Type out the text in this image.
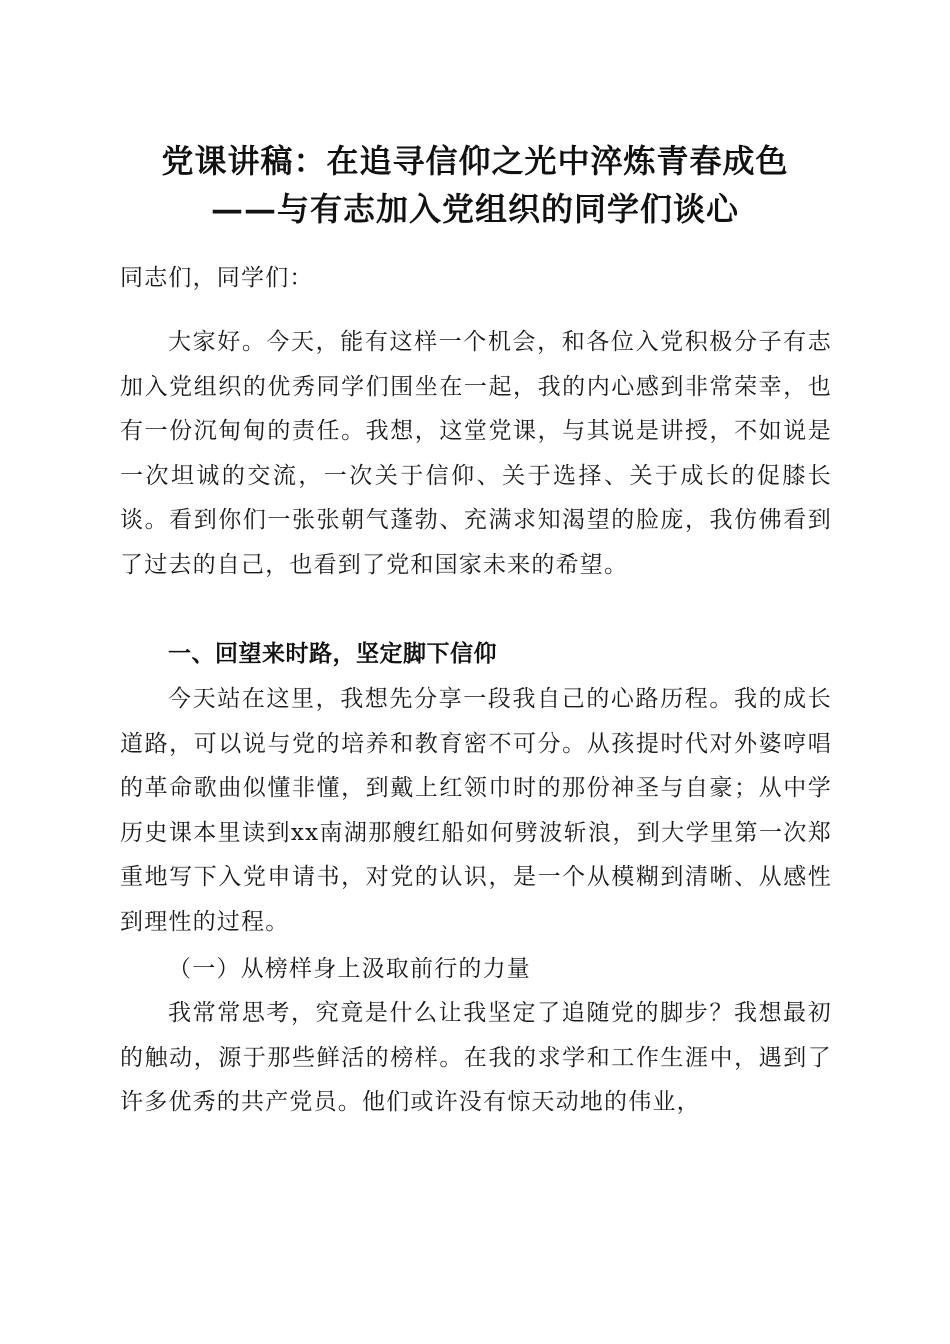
党课讲稿：在追寻信仰之光中淬炼青春成色
——与有志加入党组织的同学们谈心
同志们，同学们：
大家好。今天，能有这样一个机会，和各位入党积极分子有志加入党组织的优秀同学们围坐在一起，我的内心感到非常荣幸，也有一份沉甸甸的责任。我想，这堂党课，与其说是讲授，不如说是一次坦诚的交流，一次关于信仰、关于选择、关于成长的促膝长谈。看到你们一张张朝气蓬勃、充满求知渴望的脸庞，我仿佛看到了过去的自己，也看到了党和国家未来的希望。
一、回望来时路，坚定脚下信仰
今天站在这里，我想先分享一段我自己的心路历程。我的成长道路，可以说与党的培养和教育密不可分。从孩提时代对外婆哼唱的革命歌曲似懂非懂，到戴上红领巾时的那份神圣与自豪；从中学历史课本里读到xx南湖那艘红船如何劈波斩浪，到大学里第一次郑重地写下入党申请书，对党的认识，是一个从模糊到清晰、从感性到理性的过程。
（一）从榜样身上汲取前行的力量
我常常思考，究竟是什么让我坚定了追随党的脚步？我想最初的触动，源于那些鲜活的榜样。在我的求学和工作生涯中，遇到了许多优秀的共产党员。他们或许没有惊天动地的伟业，
